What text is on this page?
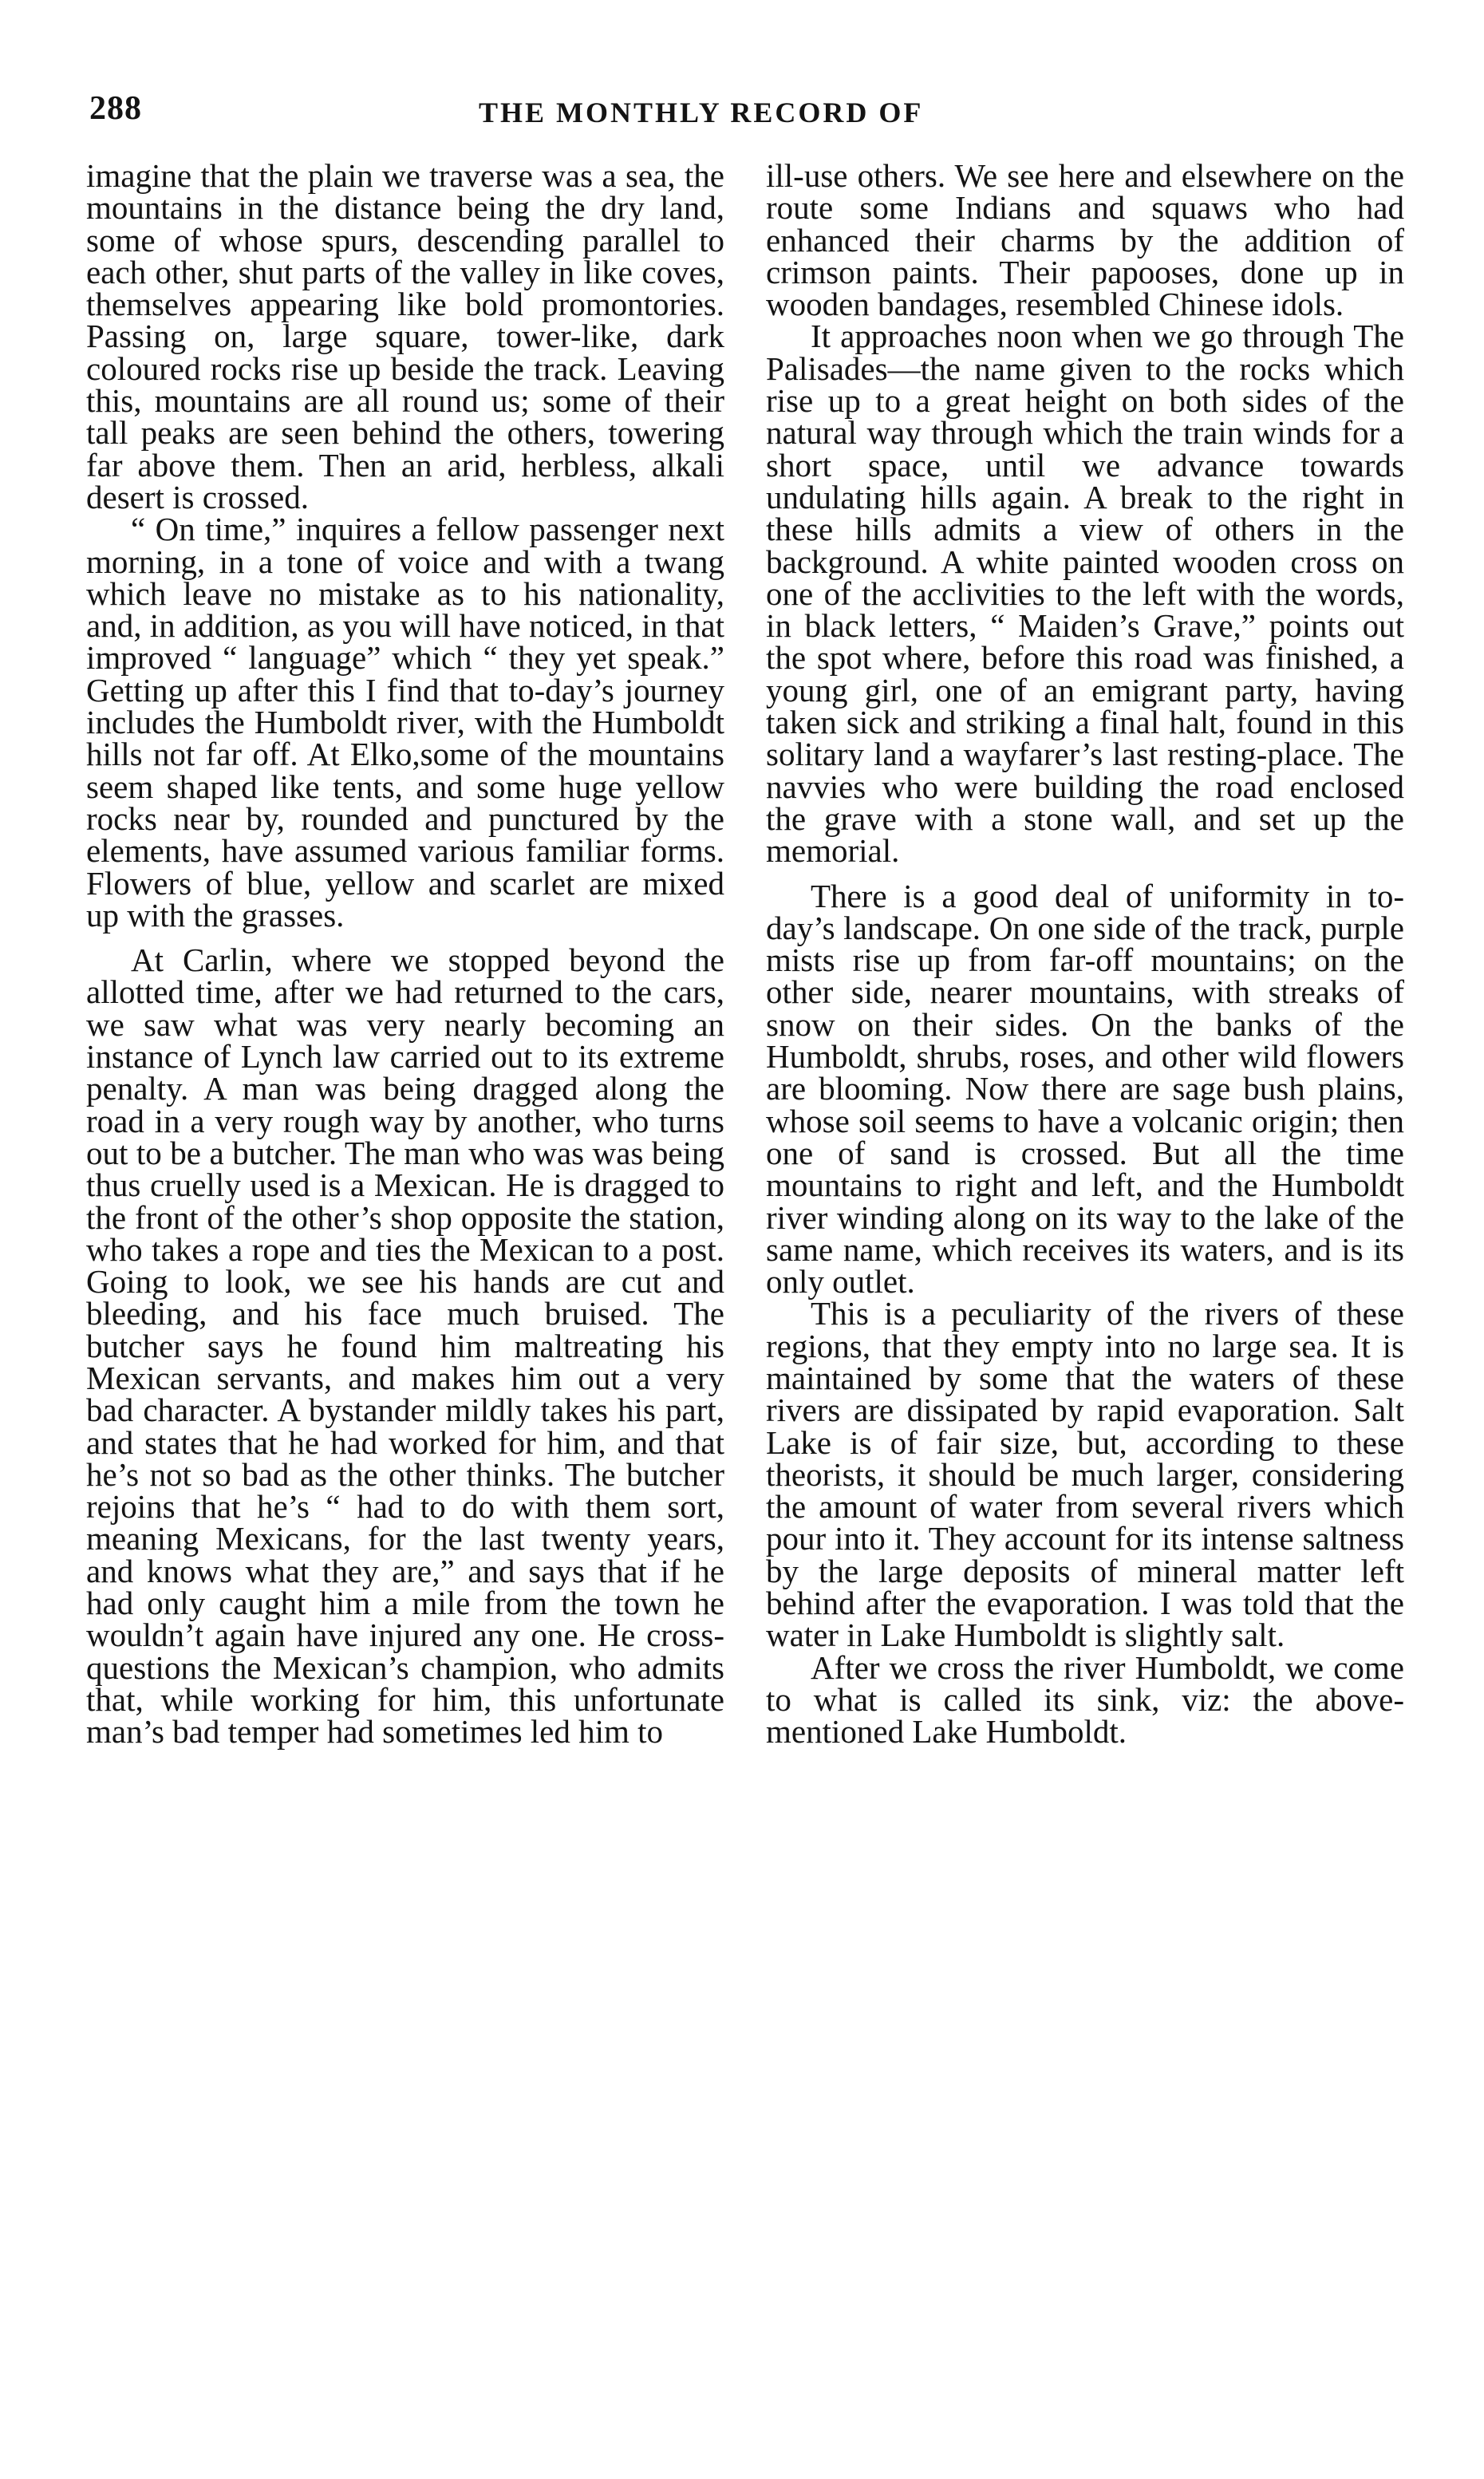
288	THE MONTHLY RECORD OF

imagine that the plain we traverse was a sea, the mountains in the distance being the dry land, some of whose spurs, descending parallel to each other, shut parts of the valley in like coves, themselves appearing like bold promontories. Passing on, large square, tower-like, dark coloured rocks rise up beside the track. Leaving this, mountains are all round us; some of their tall peaks are seen behind the others, towering far above them. Then an arid, herbless, alkali desert is crossed.

“ On time,” inquires a fellow passenger next morning, in a tone of voice and with a twang which leave no mistake as to his nationality, and, in addition, as you will have noticed, in that improved “ language” which “ they yet speak.” Getting up after this I find that to-day’s journey includes the Humboldt river, with the Humboldt hills not far off. At Elko,some of the mountains seem shaped like tents, and some huge yellow rocks near by, rounded and punctured by the elements, have assumed various familiar forms. Flowers of blue, yellow and scarlet are mixed up with the grasses.

At Carlin, where we stopped beyond the allotted time, after we had returned to the cars, we saw what was very nearly becoming an instance of Lynch law carried out to its extreme penalty. A man was being dragged along the road in a very rough way by another, who turns out to be a butcher. The man who was was being thus cruelly used is a Mexican. He is dragged to the front of the other’s shop opposite the station, who takes a rope and ties the Mexican to a post. Going to look, we see his hands are cut and bleeding, and his face much bruised. The butcher says he found him maltreating his Mexican servants, and makes him out a very bad character. A bystander mildly takes his part, and states that he had worked for him, and that he’s not so bad as the other thinks. The butcher rejoins that he’s “ had to do with them sort, meaning Mexicans, for the last twenty years, and knows what they are,” and says that if he had only caught him a mile from the town he wouldn’t again have injured any one. He cross-questions the Mexican’s champion, who admits that, while working for him, this unfortunate man’s bad temper had sometimes led him to

ill-use others. We see here and elsewhere on the route some Indians and squaws who had enhanced their charms by the addition of crimson paints. Their papooses, done up in wooden bandages, resembled Chinese idols.

It approaches noon when we go through The Palisades—the name given to the rocks which rise up to a great height on both sides of the natural way through which the train winds for a short space, until we advance towards undulating hills again. A break to the right in these hills admits a view of others in the background. A white painted wooden cross on one of the acclivities to the left with the words, in black letters, “ Maiden’s Grave,” points out the spot where, before this road was finished, a young girl, one of an emigrant party, having taken sick and striking a final halt, found in this solitary land a wayfarer’s last resting-place. The navvies who were building the road enclosed the grave with a stone wall, and set up the memorial.

There is a good deal of uniformity in to-day’s landscape. On one side of the track, purple mists rise up from far-off mountains; on the other side, nearer mountains, with streaks of snow on their sides. On the banks of the Humboldt, shrubs, roses, and other wild flowers are blooming. Now there are sage bush plains, whose soil seems to have a volcanic origin; then one of sand is crossed. But all the time mountains to right and left, and the Humboldt river winding along on its way to the lake of the same name, which receives its waters, and is its only outlet.

This is a peculiarity of the rivers of these regions, that they empty into no large sea. It is maintained by some that the waters of these rivers are dissipated by rapid evaporation. Salt Lake is of fair size, but, according to these theorists, it should be much larger, considering the amount of water from several rivers which pour into it. They account for its intense saltness by the large deposits of mineral matter left behind after the evaporation. I was told that the water in Lake Humboldt is slightly salt.

After we cross the river Humboldt, we come to what is called its sink, viz: the above-mentioned Lake Humboldt.
